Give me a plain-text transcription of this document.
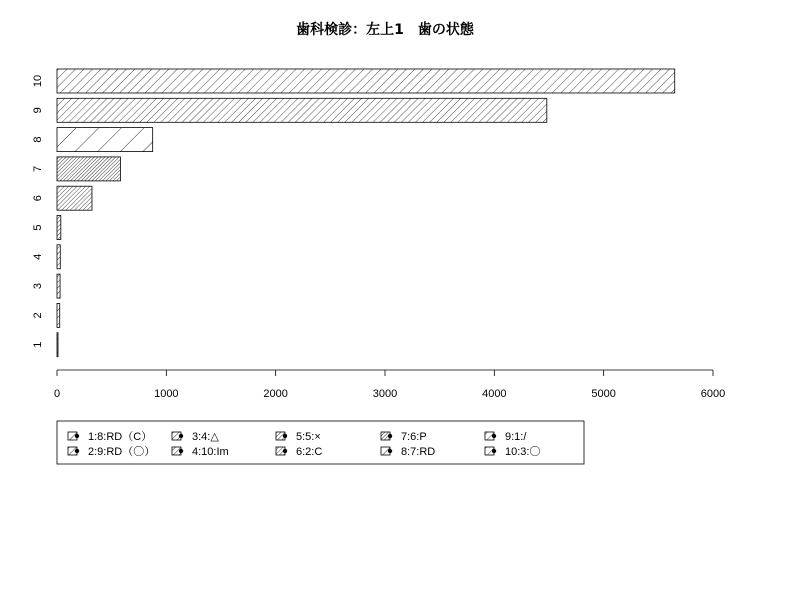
歯科検診：左上1　歯の状態
1
2
3
4
5
6
7
8
9
10
0	1000	2000	3000	4000	5000	6000
1:8:RD（C）
2:9:RD（〇）
3:4:△
4:10:Im
5:5:×
6:2:C
7:6:P
8:7:RD
9:1:/
10:3:〇
